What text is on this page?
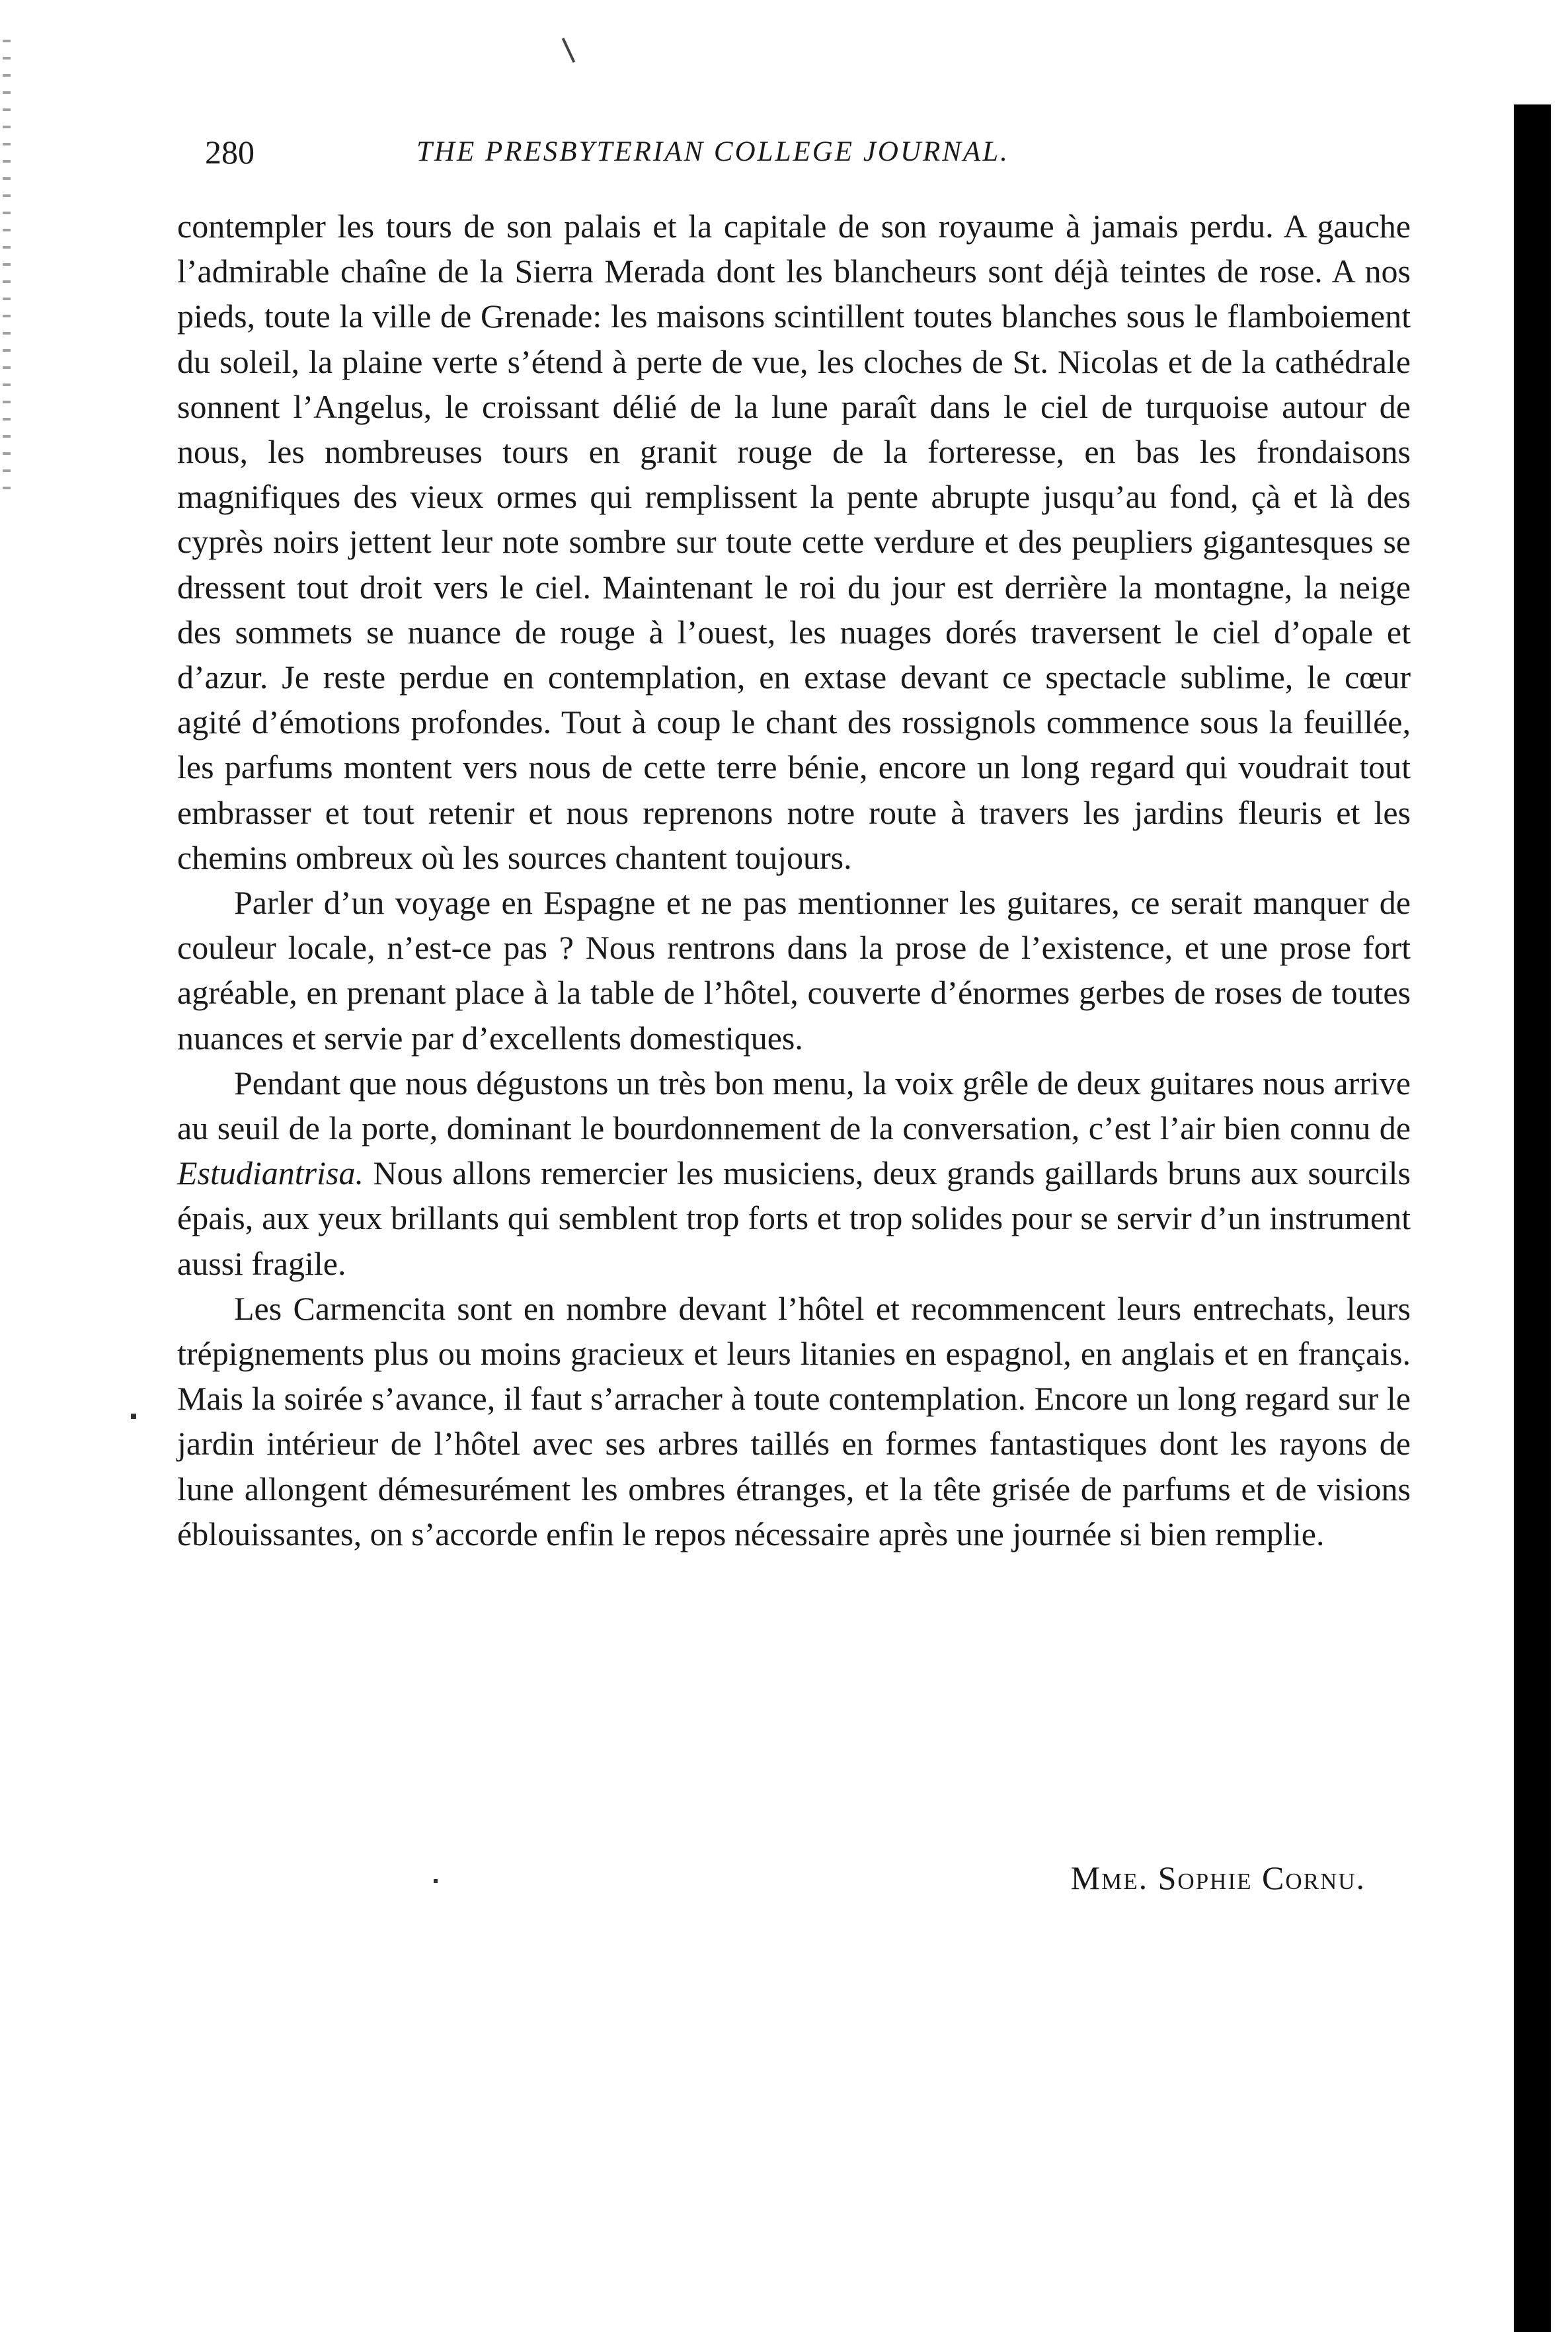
280	THE PRESBYTERIAN COLLEGE JOURNAL.

contempler les tours de son palais et la capitale de son royaume à jamais perdu. A gauche l’admirable chaîne de la Sierra Merada dont les blancheurs sont déjà teintes de rose. A nos pieds, toute la ville de Grenade: les maisons scintillent toutes blanches sous le flamboiement du soleil, la plaine verte s’étend à perte de vue, les cloches de St. Nicolas et de la cathédrale sonnent l’Angelus, le croissant délié de la lune paraît dans le ciel de turquoise autour de nous, les nombreuses tours en granit rouge de la forteresse, en bas les frondaisons magnifiques des vieux ormes qui remplissent la pente abrupte jusqu’au fond, çà et là des cyprès noirs jettent leur note sombre sur toute cette verdure et des peupliers gigantesques se dressent tout droit vers le ciel. Maintenant le roi du jour est derrière la montagne, la neige des sommets se nuance de rouge à l’ouest, les nuages dorés traversent le ciel d’opale et d’azur. Je reste perdue en contemplation, en extase devant ce spectacle sublime, le cœur agité d’émotions profondes. Tout à coup le chant des rossignols commence sous la feuillée, les parfums montent vers nous de cette terre bénie, encore un long regard qui voudrait tout embrasser et tout retenir et nous reprenons notre route à travers les jardins fleuris et les chemins ombreux où les sources chantent toujours.

Parler d’un voyage en Espagne et ne pas mentionner les guitares, ce serait manquer de couleur locale, n’est-ce pas ? Nous rentrons dans la prose de l’existence, et une prose fort agréable, en prenant place à la table de l’hôtel, couverte d’énormes gerbes de roses de toutes nuances et servie par d’excellents domestiques.

Pendant que nous dégustons un très bon menu, la voix grêle de deux guitares nous arrive au seuil de la porte, dominant le bourdonnement de la conversation, c’est l’air bien connu de Estudiantrisa. Nous allons remercier les musiciens, deux grands gaillards bruns aux sourcils épais, aux yeux brillants qui semblent trop forts et trop solides pour se servir d’un instrument aussi fragile.

Les Carmencita sont en nombre devant l’hôtel et recommencent leurs entrechats, leurs trépignements plus ou moins gracieux et leurs litanies en espagnol, en anglais et en français. Mais la soirée s’avance, il faut s’arracher à toute contemplation. Encore un long regard sur le jardin intérieur de l’hôtel avec ses arbres taillés en formes fantastiques dont les rayons de lune allongent démesurément les ombres étranges, et la tête grisée de parfums et de visions éblouissantes, on s’accorde enfin le repos nécessaire après une journée si bien remplie.

Mme. Sophie Cornu.
